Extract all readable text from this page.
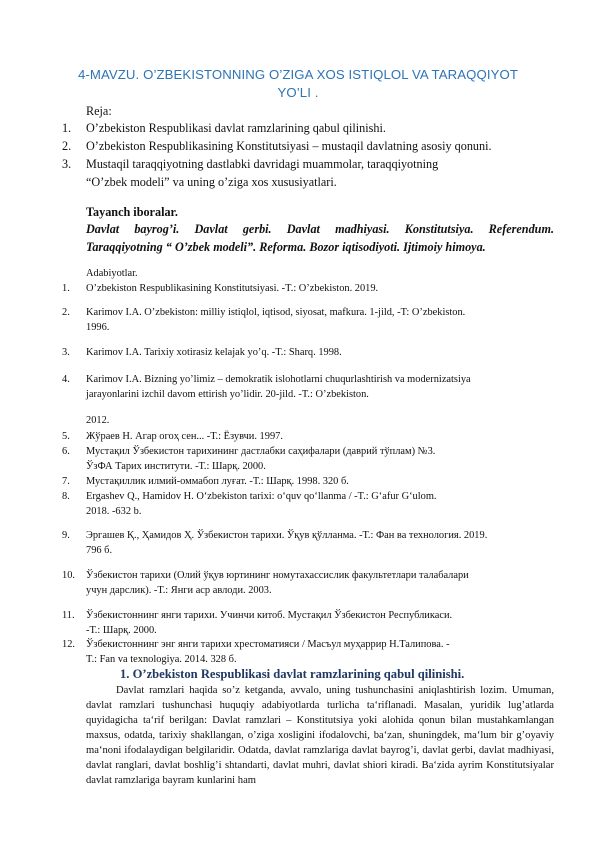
4-MAVZU. O’ZBEKISTONNING O’ZIGA XOS ISTIQLOL VA TARAQQIYOT YO’LI .
Reja:
1. O’zbekiston Respublikasi davlat ramzlarining qabul qilinishi.
2. O’zbekiston Respublikasining Konstitutsiyasi – mustaqil davlatning asosiy qonuni.
3. Mustaqil taraqqiyotning dastlabki davridagi muammolar, taraqqiyotning
“O’zbek modeli” va uning o’ziga xos xususiyatlari.
Tayanch iboralar.
Davlat bayrog’i. Davlat gerbi. Davlat madhiyasi. Konstitutsiya. Referendum.
Taraqqiyotning “ O’zbek modeli”. Reforma. Bozor iqtisodiyoti. Ijtimoiy himoya.
Adabiyotlar.
1. O’zbekiston Respublikasining Konstitutsiyasi. -T.: O’zbekiston. 2019.
2. Karimov I.A. O’zbekiston: milliy istiqlol, iqtisod, siyosat, mafkura. 1-jild, -T: O’zbekiston.
1996.
3. Karimov I.A. Tarixiy xotirasiz kelajak yo’q. -T.: Sharq. 1998.
4. Karimov I.A. Bizning yo’limiz – demokratik islohotlarni chuqurlashtirish va modernizatsiya
jarayonlarini izchil davom ettirish yo’lidir. 20-jild. -T.: O’zbekiston.
2012.
5. Жўраев Н. Агар огоҳ сен... -Т.: Ёзувчи. 1997.
6. Мустақил Ўзбекистон тарихининг дастлабки саҳифалари (даврий тўплам) №3.
ЎзФА Тарих институти. -Т.: Шарқ. 2000.
7. Мустақиллик илмий-оммабоп луғат. -Т.: Шарқ. 1998. 320 б.
8. Ergashev Q., Hamidov H. O‘zbekiston tarixi: o‘quv qo‘llanma / -T.: G‘afur G‘ulom.
2018. -632 b.
9. Эргашев Қ., Ҳамидов Ҳ. Ўзбекистон тарихи. Ўқув қўлланма. -Т.: Фан ва технология. 2019.
796 б.
10. Ўзбекистон тарихи (Олий ўқув юртининг номутахассислик факультетлари талабалари
учун дарслик). -Т.: Янги аср авлоди. 2003.
11. Ўзбекистоннинг янги тарихи. Учинчи китоб. Мустақил Ўзбекистон Республикаси.
-Т.: Шарқ. 2000.
12. Ўзбекистоннинг энг янги тарихи хрестоматияси / Масъул муҳаррир Н.Талипова. -
T.: Fan va texnologiya. 2014. 328 б.
1. O’zbekiston Respublikasi davlat ramzlarining qabul qilinishi.
Davlat ramzlari haqida so’z ketganda, avvalo, uning tushunchasini aniqlashtirish lozim. Umuman, davlat ramzlari tushunchasi huquqiy adabiyotlarda turlicha ta‘riflanadi. Masalan, yuridik lug’atlarda quyidagicha ta‘rif berilgan: Davlat ramzlari – Konstitutsiya yoki alohida qonun bilan mustahkamlangan maxsus, odatda, tarixiy shakllangan, o’ziga xosligini ifodalovchi, ba‘zan, shuningdek, ma‘lum bir g’oyaviy ma‘noni ifodalaydigan belgilaridir. Odatda, davlat ramzlariga davlat bayrog’i, davlat gerbi, davlat madhiyasi, davlat ranglari, davlat boshlig’i shtandarti, davlat muhri, davlat shiori kiradi. Ba‘zida ayrim Konstitutsiyalar davlat ramzlariga bayram kunlarini ham
